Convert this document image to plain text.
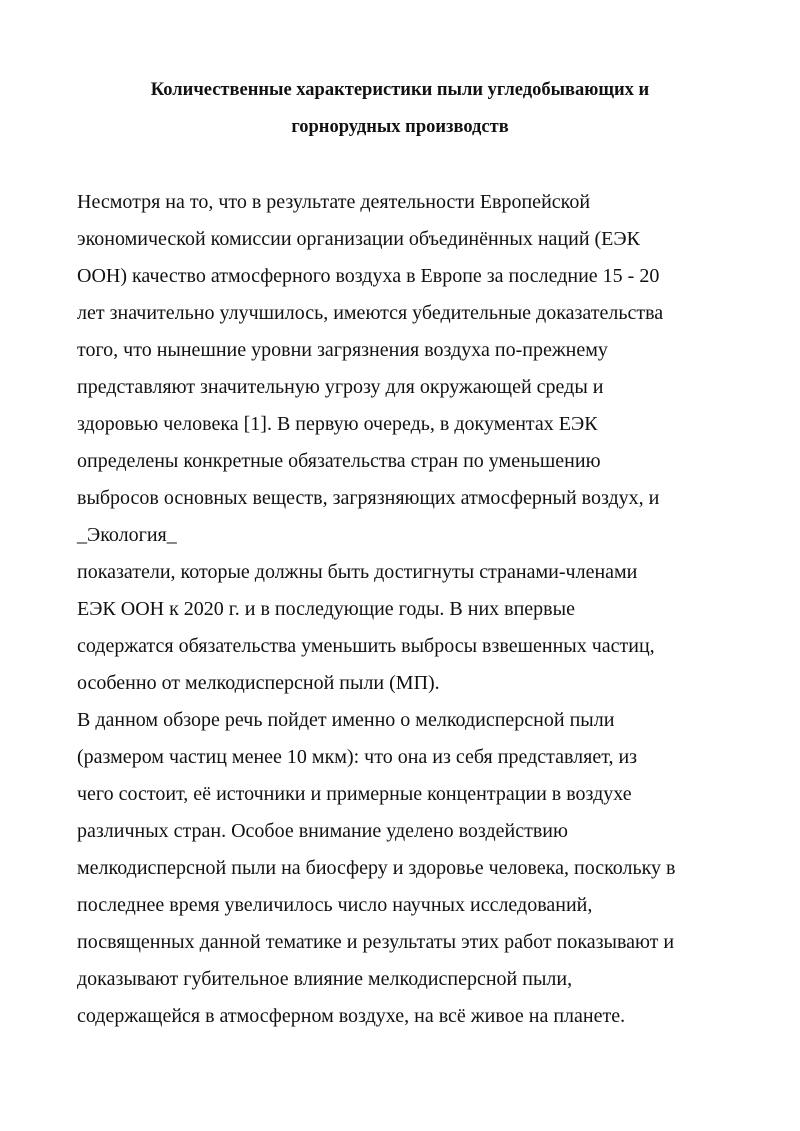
Количественные характеристики пыли угледобывающих и
горнорудных производств
Несмотря на то, что в результате деятельности Европейской
экономической комиссии организации объединённых наций (ЕЭК
ООН) качество атмосферного воздуха в Европе за последние 15 - 20
лет значительно улучшилось, имеются убедительные доказательства
того, что нынешние уровни загрязнения воздуха по-прежнему
представляют значительную угрозу для окружающей среды и
здоровью человека [1]. В первую очередь, в документах ЕЭК
определены конкретные обязательства стран по уменьшению
выбросов основных веществ, загрязняющих атмосферный воздух, и
_Экология_
показатели, которые должны быть достигнуты странами-членами
ЕЭК ООН к 2020 г. и в последующие годы. В них впервые
содержатся обязательства уменьшить выбросы взвешенных частиц,
особенно от мелкодисперсной пыли (МП).
В данном обзоре речь пойдет именно о мелкодисперсной пыли
(размером частиц менее 10 мкм): что она из себя представляет, из
чего состоит, её источники и примерные концентрации в воздухе
различных стран. Особое внимание уделено воздействию
мелкодисперсной пыли на биосферу и здоровье человека, поскольку в
последнее время увеличилось число научных исследований,
посвященных данной тематике и результаты этих работ показывают и
доказывают губительное влияние мелкодисперсной пыли,
содержащейся в атмосферном воздухе, на всё живое на планете.
